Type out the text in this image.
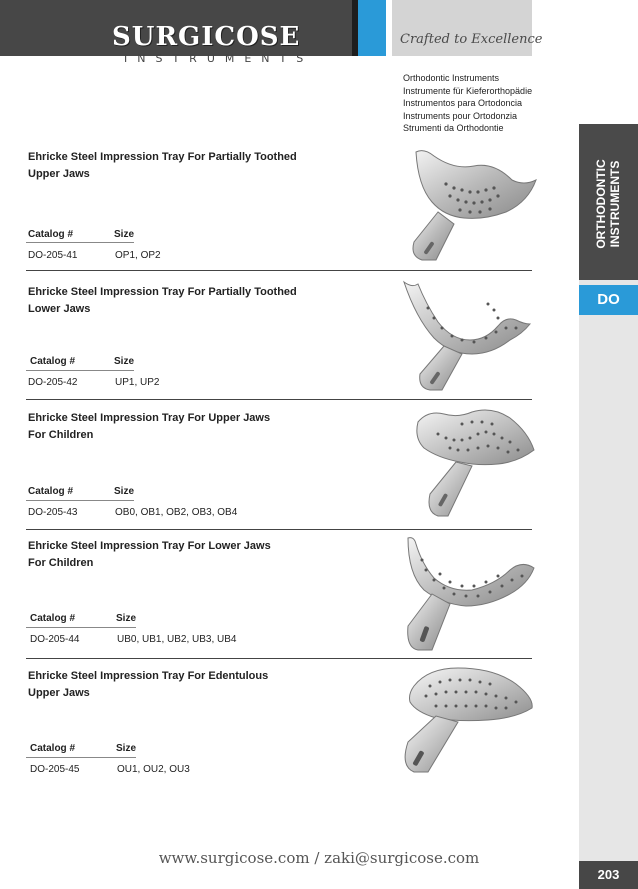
SURGICOSE
INSTRUMENTS
Crafted to Excellence
Orthodontic Instruments
Instrumente für Kieferorthopädie
Instrumentos para Ortodoncia
Instruments pour Ortodonzia
Strumenti da Orthodontie
ORTHODONTIC INSTRUMENTS
DO
203
Ehricke Steel Impression Tray For Partially Toothed
Upper Jaws
Catalog #	Size
DO-205-41	OP1, OP2
Ehricke Steel Impression Tray For Partially Toothed
Lower Jaws
Catalog #	Size
DO-205-42	UP1, UP2
Ehricke Steel Impression Tray For Upper Jaws
For Children
Catalog #	Size
DO-205-43	OB0, OB1, OB2, OB3, OB4
Ehricke Steel Impression Tray For Lower Jaws
For Children
Catalog #	Size
DO-205-44	UB0, UB1, UB2, UB3, UB4
Ehricke Steel Impression Tray For Edentulous
Upper Jaws
Catalog #	Size
DO-205-45	OU1, OU2, OU3
www.surgicose.com / zaki@surgicose.com
